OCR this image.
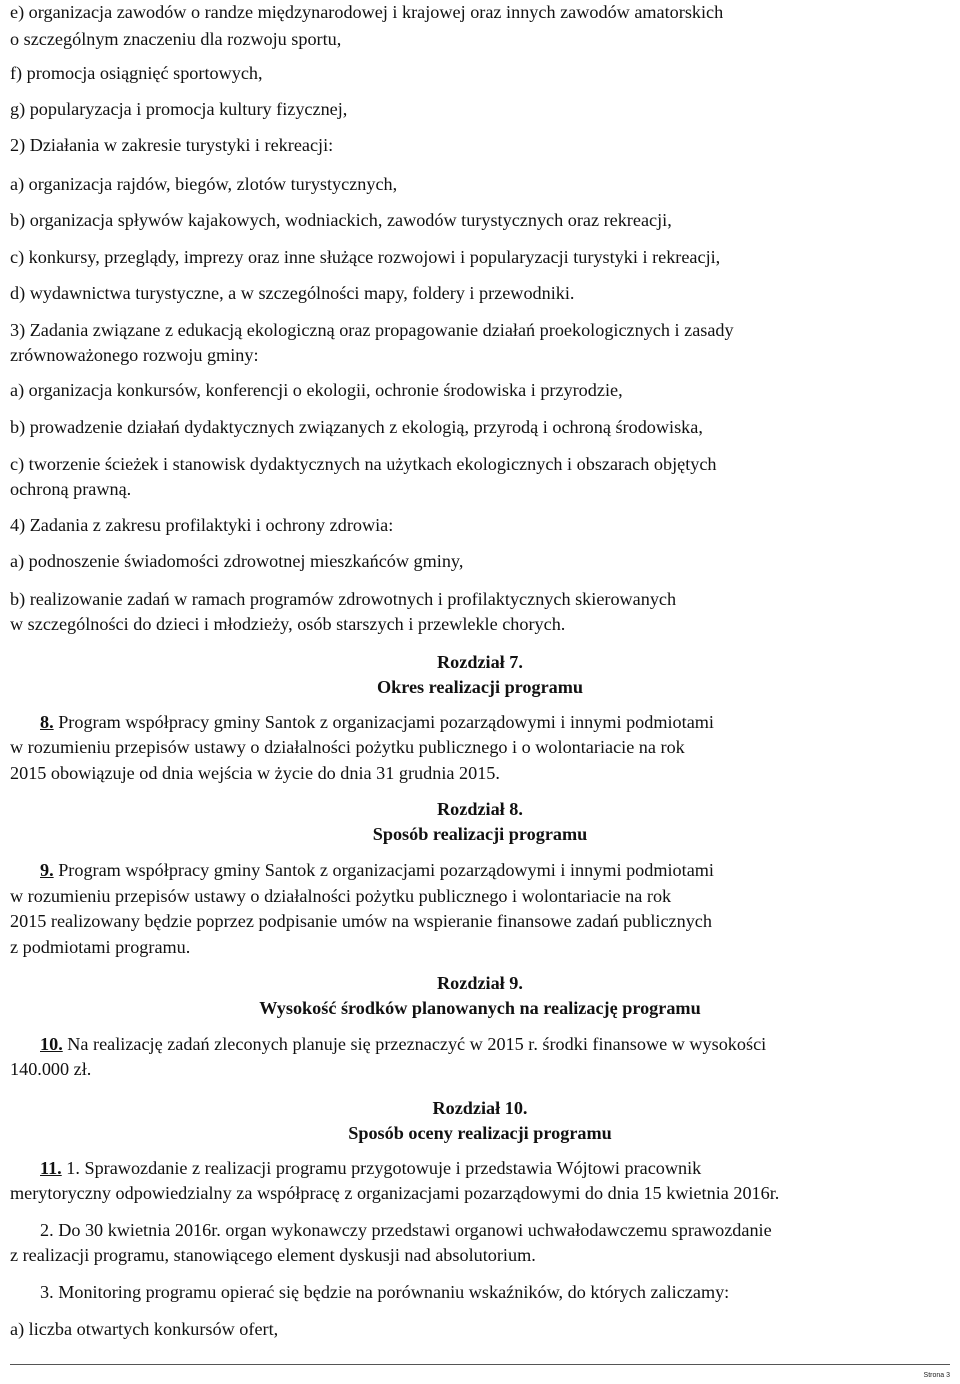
e) organizacja zawodów o randze międzynarodowej i krajowej oraz innych zawodów amatorskich

o szczególnym znaczeniu dla rozwoju sportu,

f) promocja osiągnięć sportowych,

g) popularyzacja i promocja kultury fizycznej,

2) Działania w zakresie turystyki i rekreacji:

a) organizacja rajdów, biegów, zlotów turystycznych,

b) organizacja spływów kajakowych, wodniackich, zawodów turystycznych oraz rekreacji,

c) konkursy, przeglądy, imprezy oraz inne służące rozwojowi i popularyzacji turystyki i rekreacji,

d) wydawnictwa turystyczne, a w szczególności mapy, foldery i przewodniki.

3) Zadania związane z edukacją ekologiczną oraz propagowanie działań proekologicznych i zasady

zrównoważonego rozwoju gminy:

a) organizacja konkursów, konferencji o ekologii, ochronie środowiska i przyrodzie,

b) prowadzenie działań dydaktycznych związanych z ekologią, przyrodą i ochroną środowiska,

c) tworzenie ścieżek i stanowisk dydaktycznych na użytkach ekologicznych i obszarach objętych

ochroną prawną.

4) Zadania z zakresu profilaktyki i ochrony zdrowia:

a) podnoszenie świadomości zdrowotnej mieszkańców gminy,

b) realizowanie zadań w ramach programów zdrowotnych i profilaktycznych skierowanych

w szczególności do dzieci i młodzieży, osób starszych i przewlekle chorych.

Rozdział 7.
Okres realizacji programu

8. Program współpracy gminy Santok z organizacjami pozarządowymi i innymi podmiotami

w rozumieniu przepisów ustawy o działalności pożytku publicznego i o wolontariacie na rok

2015 obowiązuje od dnia wejścia w życie do dnia 31 grudnia 2015.

Rozdział 8.
Sposób realizacji programu

9. Program współpracy gminy Santok z organizacjami pozarządowymi i innymi podmiotami

w rozumieniu przepisów ustawy o działalności pożytku publicznego i wolontariacie na rok

2015 realizowany będzie poprzez podpisanie umów na wspieranie finansowe zadań publicznych

z podmiotami programu.

Rozdział 9.
Wysokość środków planowanych na realizację programu

10. Na realizację zadań zleconych planuje się przeznaczyć w 2015 r. środki finansowe w wysokości

140.000 zł.

Rozdział 10.
Sposób oceny realizacji programu

11. 1. Sprawozdanie z realizacji programu przygotowuje i przedstawia Wójtowi pracownik

merytoryczny odpowiedzialny za współpracę z organizacjami pozarządowymi do dnia 15 kwietnia 2016r.

2. Do 30 kwietnia 2016r. organ wykonawczy przedstawi organowi uchwałodawczemu sprawozdanie

z realizacji programu, stanowiącego element dyskusji nad absolutorium.

3. Monitoring programu opierać się będzie na porównaniu wskaźników, do których zaliczamy:

a) liczba otwartych konkursów ofert,

Strona 3
